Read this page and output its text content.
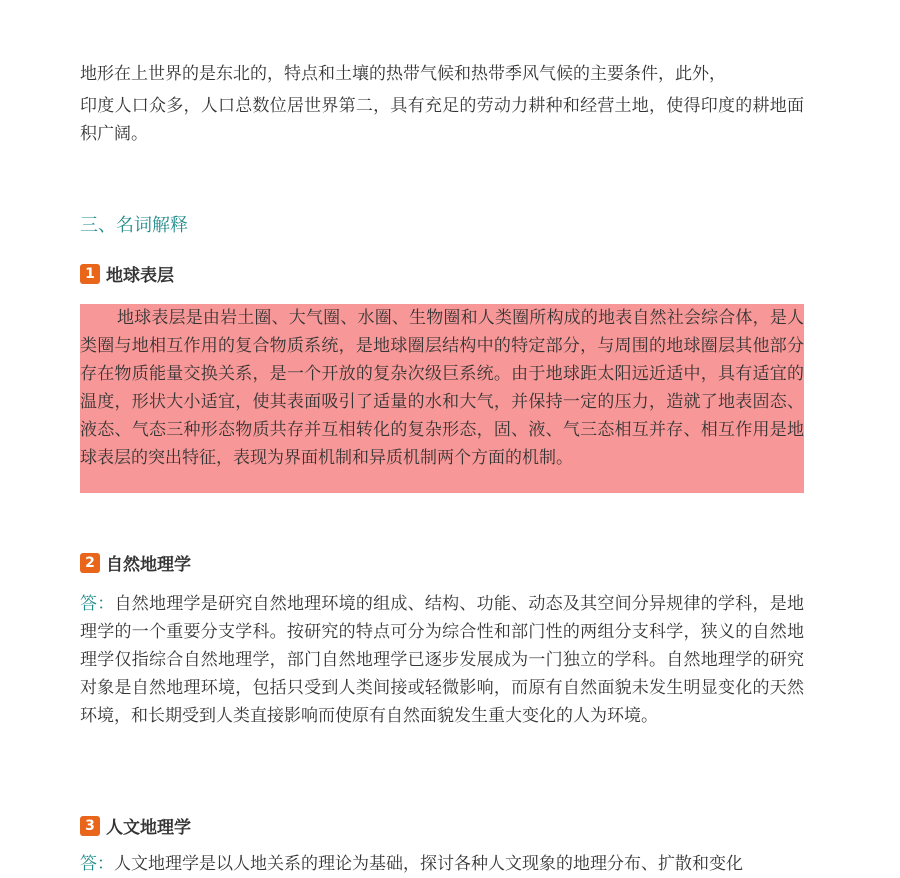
地形在上世界的是东北的，特点和土壤的热带气候和热带季风气候的主要条件，此外，

印度人口众多，人口总数位居世界第二，具有充足的劳动力耕种和经营土地，使得印度的耕地面积广阔。

三、名词解释
1 地球表层

地球表层是由岩土圈、大气圈、水圈、生物圈和人类圈所构成的地表自然社会综合体，是人类圈与地相互作用的复合物质系统，是地球圈层结构中的特定部分，与周围的地球圈层其他部分存在物质能量交换关系，是一个开放的复杂次级巨系统。由于地球距太阳远近适中，具有适宜的温度，形状大小适宜，使其表面吸引了适量的水和大气，并保持一定的压力，造就了地表固态、液态、气态三种形态物质共存并互相转化的复杂形态，固、液、气三态相互并存、相互作用是地球表层的突出特征，表现为界面机制和异质机制两个方面的机制。

2 自然地理学

答：自然地理学是研究自然地理环境的组成、结构、功能、动态及其空间分异规律的学科，是地理学的一个重要分支学科。按研究的特点可分为综合性和部门性的两组分支科学，狭义的自然地理学仅指综合自然地理学，部门自然地理学已逐步发展成为一门独立的学科。自然地理学的研究对象是自然地理环境，包括只受到人类间接或轻微影响，而原有自然面貌未发生明显变化的天然环境，和长期受到人类直接影响而使原有自然面貌发生重大变化的人为环境。

3 人文地理学

答：人文地理学是以人地关系的理论为基础，探讨各种人文现象的地理分布、扩散和变化
